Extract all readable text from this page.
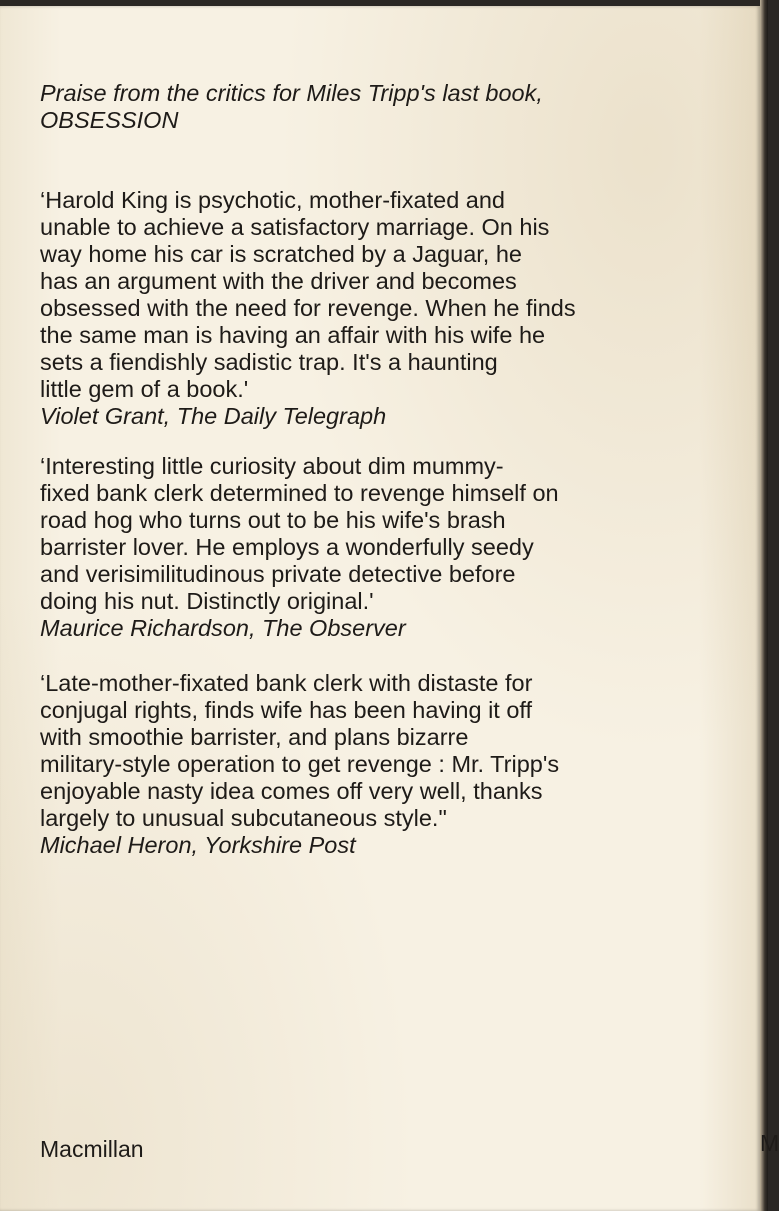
Praise from the critics for Miles Tripp's last book,
OBSESSION
‘Harold King is psychotic, mother-fixated and
unable to achieve a satisfactory marriage. On his
way home his car is scratched by a Jaguar, he
has an argument with the driver and becomes
obsessed with the need for revenge. When he finds
the same man is having an affair with his wife he
sets a fiendishly sadistic trap. It's a haunting
little gem of a book.'
Violet Grant, The Daily Telegraph
‘Interesting little curiosity about dim mummy-
fixed bank clerk determined to revenge himself on
road hog who turns out to be his wife's brash
barrister lover. He employs a wonderfully seedy
and verisimilitudinous private detective before
doing his nut. Distinctly original.'
Maurice Richardson, The Observer
‘Late-mother-fixated bank clerk with distaste for
conjugal rights, finds wife has been having it off
with smoothie barrister, and plans bizarre
military-style operation to get revenge : Mr. Tripp's
enjoyable nasty idea comes off very well, thanks
largely to unusual subcutaneous style."
Michael Heron, Yorkshire Post
Macmillan	M
